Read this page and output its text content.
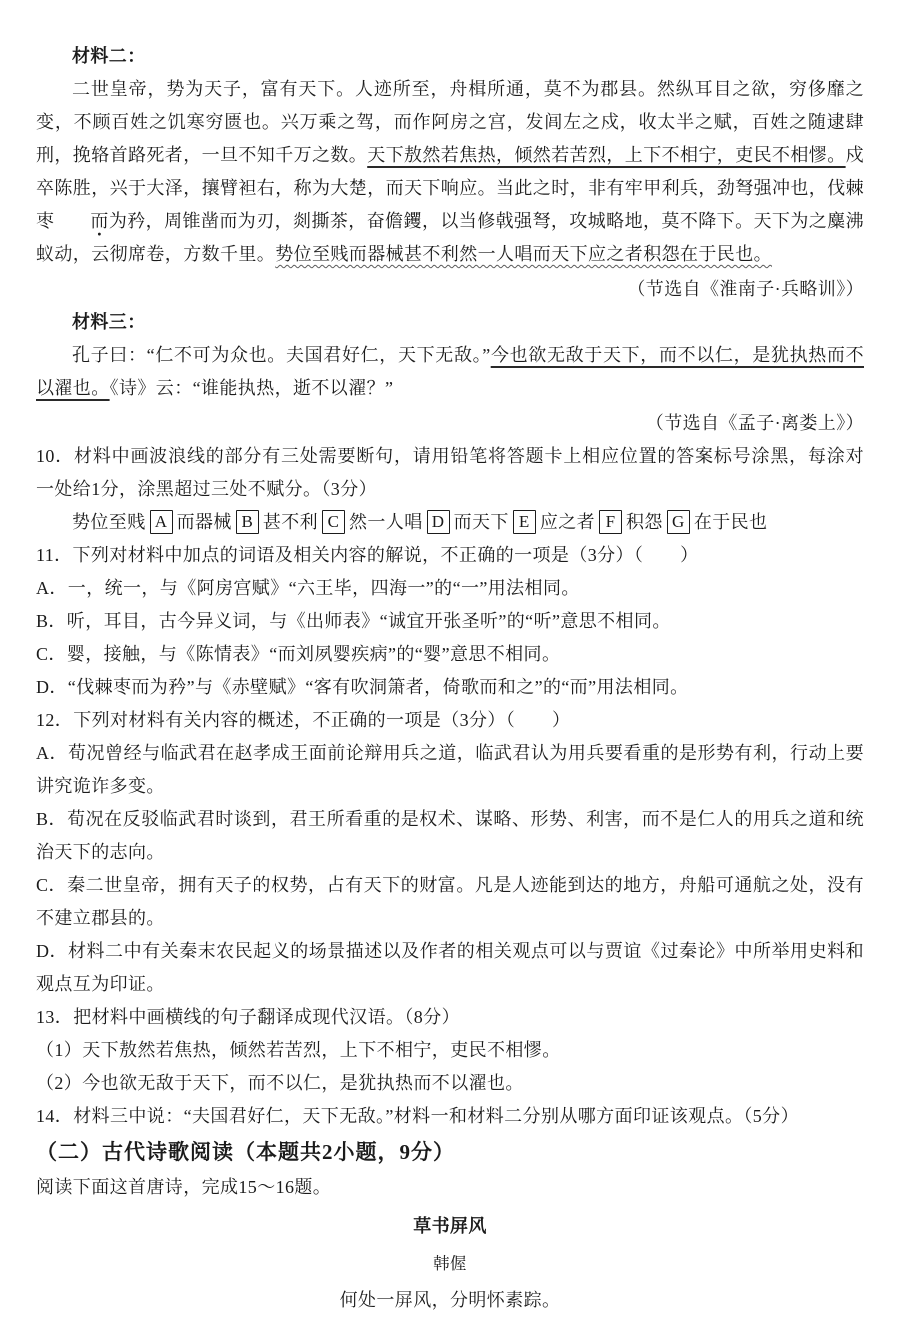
材料二：

二世皇帝，势为天子，富有天下。人迹所至，舟楫所通，莫不为郡县。然纵耳目之欲，穷侈靡之变，不顾百姓之饥寒穷匮也。兴万乘之驾，而作阿房之宫，发闾左之戍，收太半之赋，百姓之随逮肆刑，挽辂首路死者，一旦不知千万之数。天下敖然若焦热，倾然若苦烈，上下不相宁，吏民不相憀。戍卒陈胜，兴于大泽，攘臂袒右，称为大楚，而天下响应。当此之时，非有牢甲利兵，劲弩强冲也，伐棘枣 而为矜，周锥凿而为刃，剡撕茶，奋儋钁，以当修戟强弩，攻城略地，莫不降下。天下为之麋沸蚁动，云彻席卷，方数千里。势位至贱而器械甚不利然一人唱而天下应之者积怨在于民也。

（节选自《淮南子·兵略训》）

材料三：

孔子曰：“仁不可为众也。夫国君好仁，天下无敌。”今也欲无敌于天下，而不以仁，是犹执热而不以濯也。《诗》云：“谁能执热，逝不以濯？”

（节选自《孟子·离娄上》）

10．材料中画波浪线的部分有三处需要断句，请用铅笔将答题卡上相应位置的答案标号涂黑，每涂对一处给1分，涂黑超过三处不赋分。（3分）

势位至贱 A 而器械 B 甚不利 C 然一人唱 D 而天下 E 应之者 F 积怨 G 在于民也

11．下列对材料中加点的词语及相关内容的解说，不正确的一项是（3分）（　　）

A．一，统一，与《阿房宫赋》“六王毕，四海一”的“一”用法相同。

B．听，耳目，古今异义词，与《出师表》“诚宜开张圣听”的“听”意思不相同。

C．婴，接触，与《陈情表》“而刘夙婴疾病”的“婴”意思不相同。

D．“伐棘枣而为矜”与《赤壁赋》“客有吹洞箫者，倚歌而和之”的“而”用法相同。

12．下列对材料有关内容的概述，不正确的一项是（3分）（　　）

A．荀况曾经与临武君在赵孝成王面前论辩用兵之道，临武君认为用兵要看重的是形势有利，行动上要讲究诡诈多变。

B．荀况在反驳临武君时谈到，君王所看重的是权术、谋略、形势、利害，而不是仁人的用兵之道和统治天下的志向。

C．秦二世皇帝，拥有天子的权势，占有天下的财富。凡是人迹能到达的地方，舟船可通航之处，没有不建立郡县的。

D．材料二中有关秦末农民起义的场景描述以及作者的相关观点可以与贾谊《过秦论》中所举用史料和观点互为印证。

13．把材料中画横线的句子翻译成现代汉语。（8分）

（1）天下敖然若焦热，倾然若苦烈，上下不相宁，吏民不相憀。

（2）今也欲无敌于天下，而不以仁，是犹执热而不以濯也。

14．材料三中说：“夫国君好仁，天下无敌。”材料一和材料二分别从哪方面印证该观点。（5分）

（二）古代诗歌阅读（本题共2小题，9分）

阅读下面这首唐诗，完成15～16题。

草书屏风

韩偓

何处一屏风，分明怀素踪。
